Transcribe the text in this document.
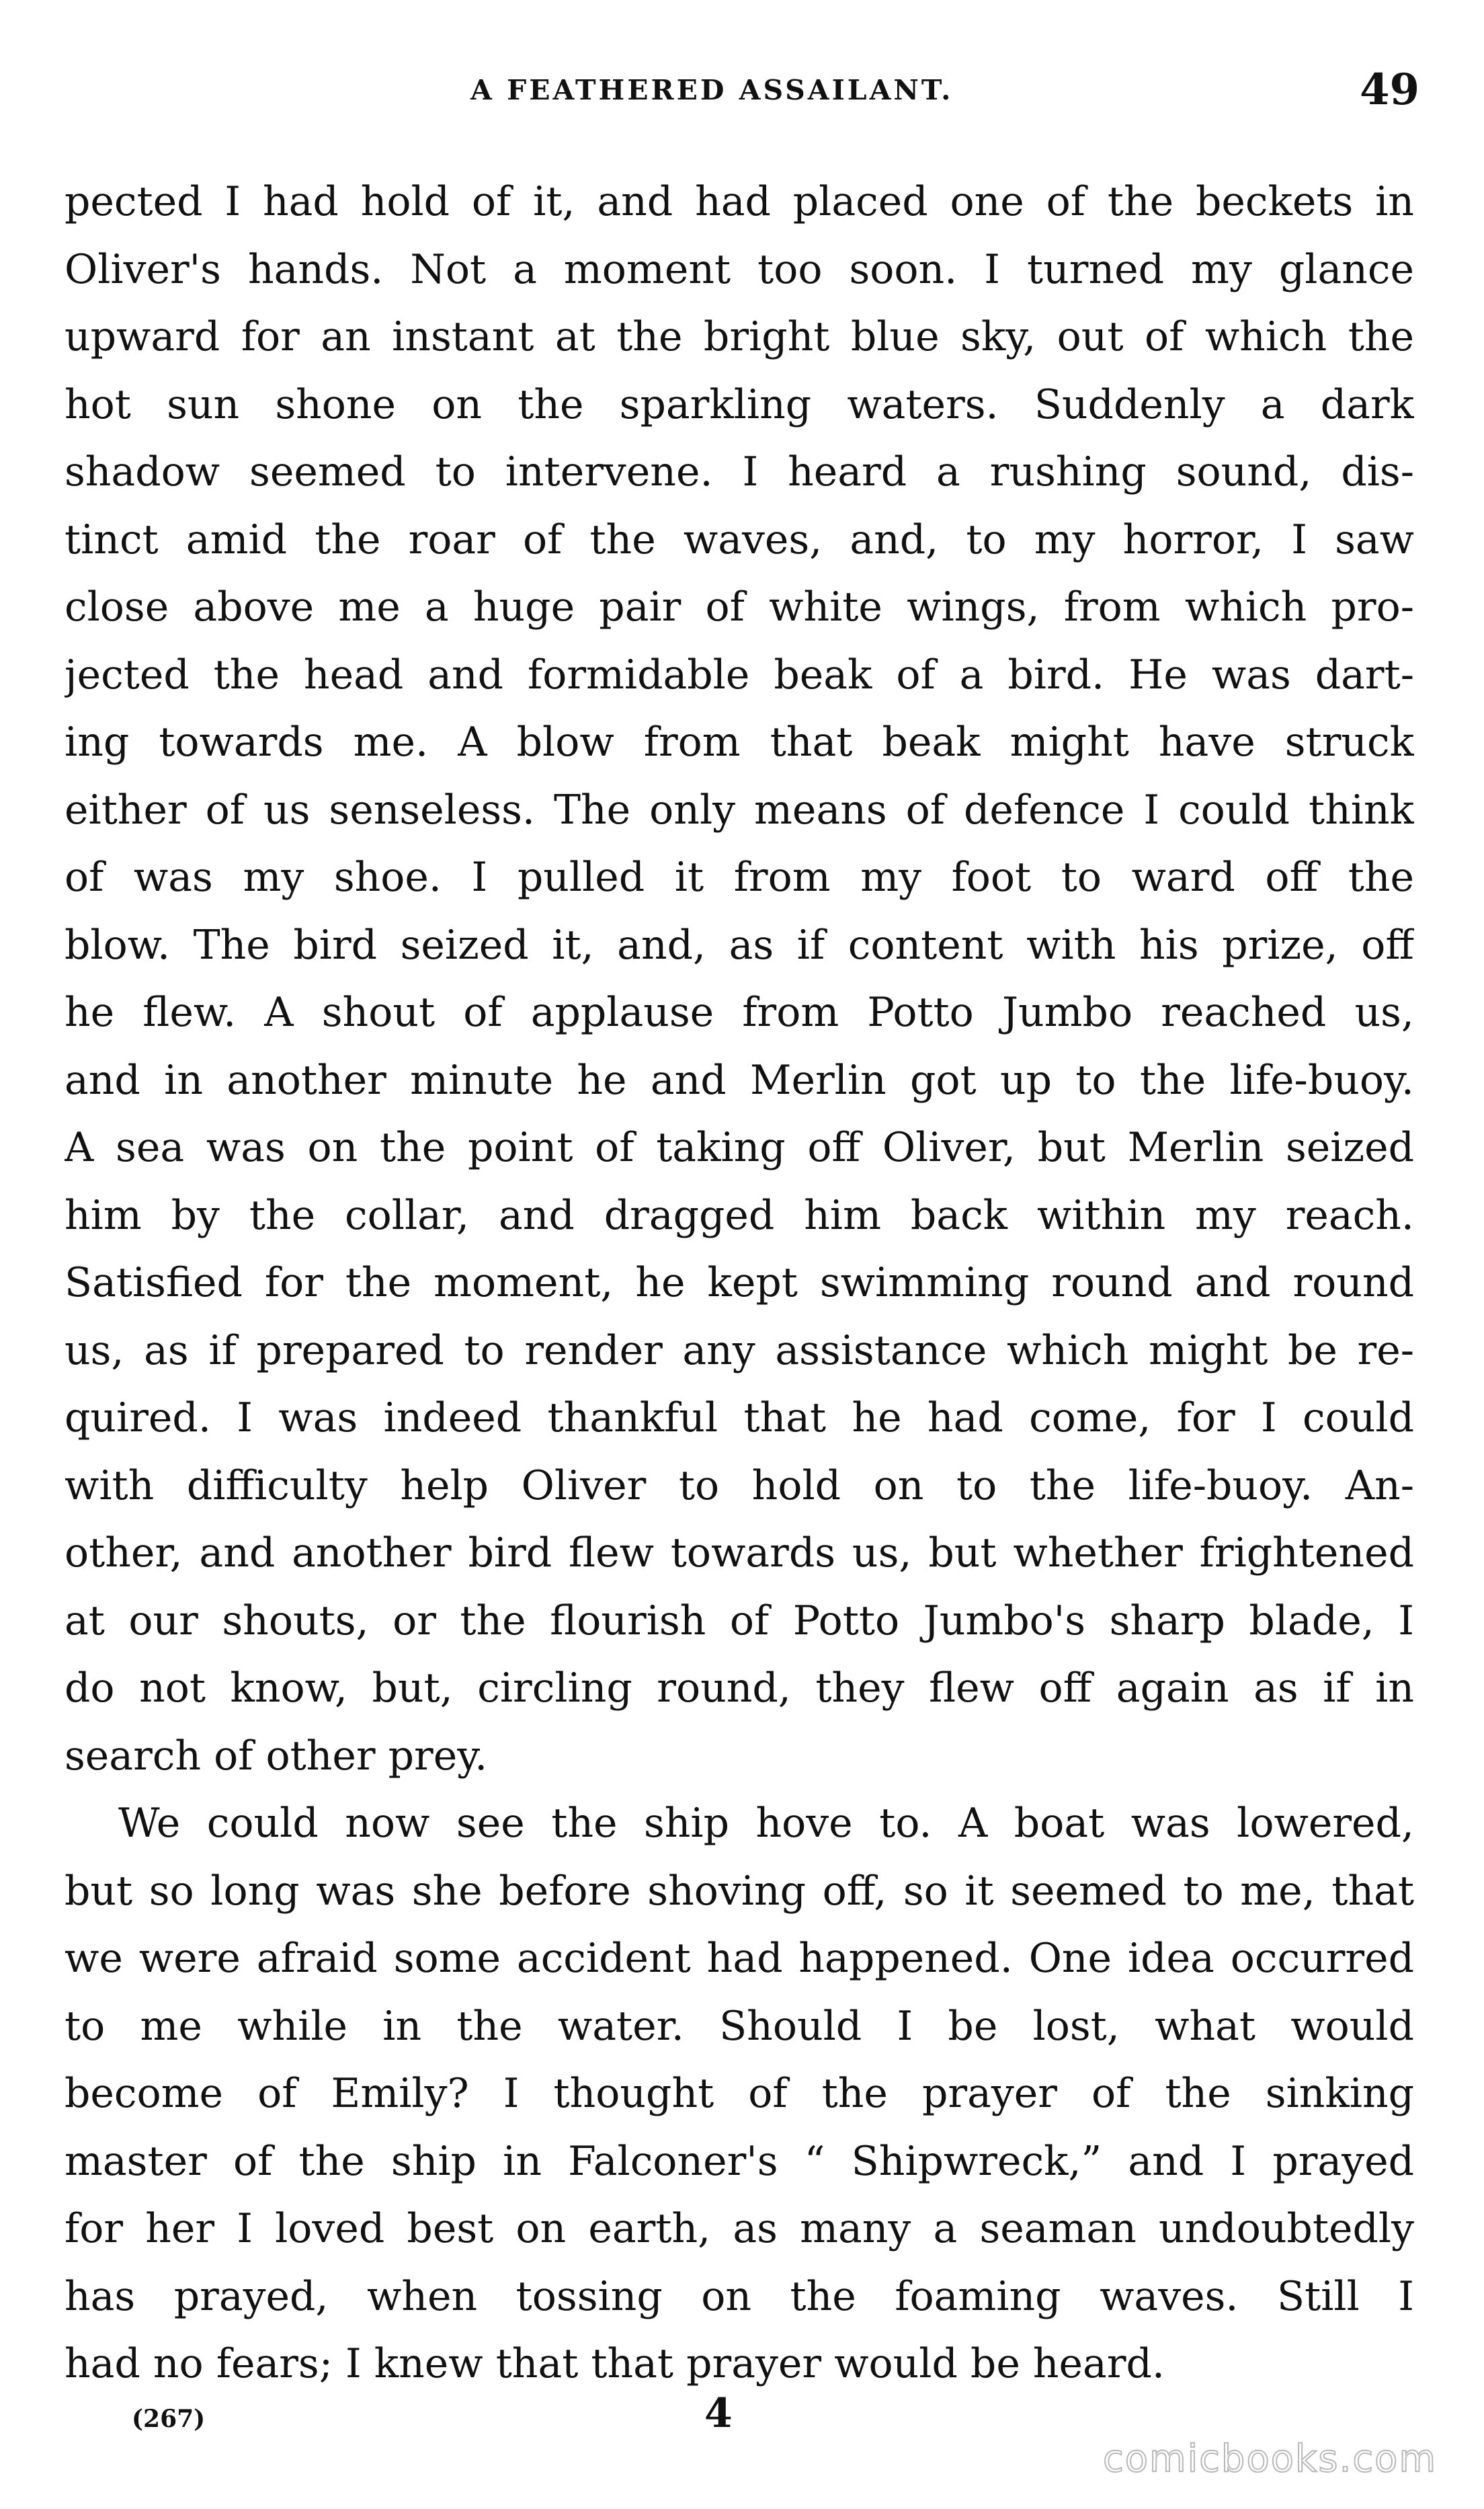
A FEATHERED ASSAILANT.	49
pected I had hold of it, and had placed one of the beckets in
Oliver's hands. Not a moment too soon. I turned my glance
upward for an instant at the bright blue sky, out of which the
hot sun shone on the sparkling waters. Suddenly a dark
shadow seemed to intervene. I heard a rushing sound, dis-
tinct amid the roar of the waves, and, to my horror, I saw
close above me a huge pair of white wings, from which pro-
jected the head and formidable beak of a bird. He was dart-
ing towards me. A blow from that beak might have struck
either of us senseless. The only means of defence I could think
of was my shoe. I pulled it from my foot to ward off the
blow. The bird seized it, and, as if content with his prize, off
he flew. A shout of applause from Potto Jumbo reached us,
and in another minute he and Merlin got up to the life-buoy.
A sea was on the point of taking off Oliver, but Merlin seized
him by the collar, and dragged him back within my reach.
Satisfied for the moment, he kept swimming round and round
us, as if prepared to render any assistance which might be re-
quired. I was indeed thankful that he had come, for I could
with difficulty help Oliver to hold on to the life-buoy. An-
other, and another bird flew towards us, but whether frightened
at our shouts, or the flourish of Potto Jumbo's sharp blade, I
do not know, but, circling round, they flew off again as if in
search of other prey.
We could now see the ship hove to. A boat was lowered,
but so long was she before shoving off, so it seemed to me, that
we were afraid some accident had happened. One idea occurred
to me while in the water. Should I be lost, what would
become of Emily? I thought of the prayer of the sinking
master of the ship in Falconer's “ Shipwreck,” and I prayed
for her I loved best on earth, as many a seaman undoubtedly
has prayed, when tossing on the foaming waves. Still I
had no fears; I knew that that prayer would be heard.
(267)	4
comicbooks.com
